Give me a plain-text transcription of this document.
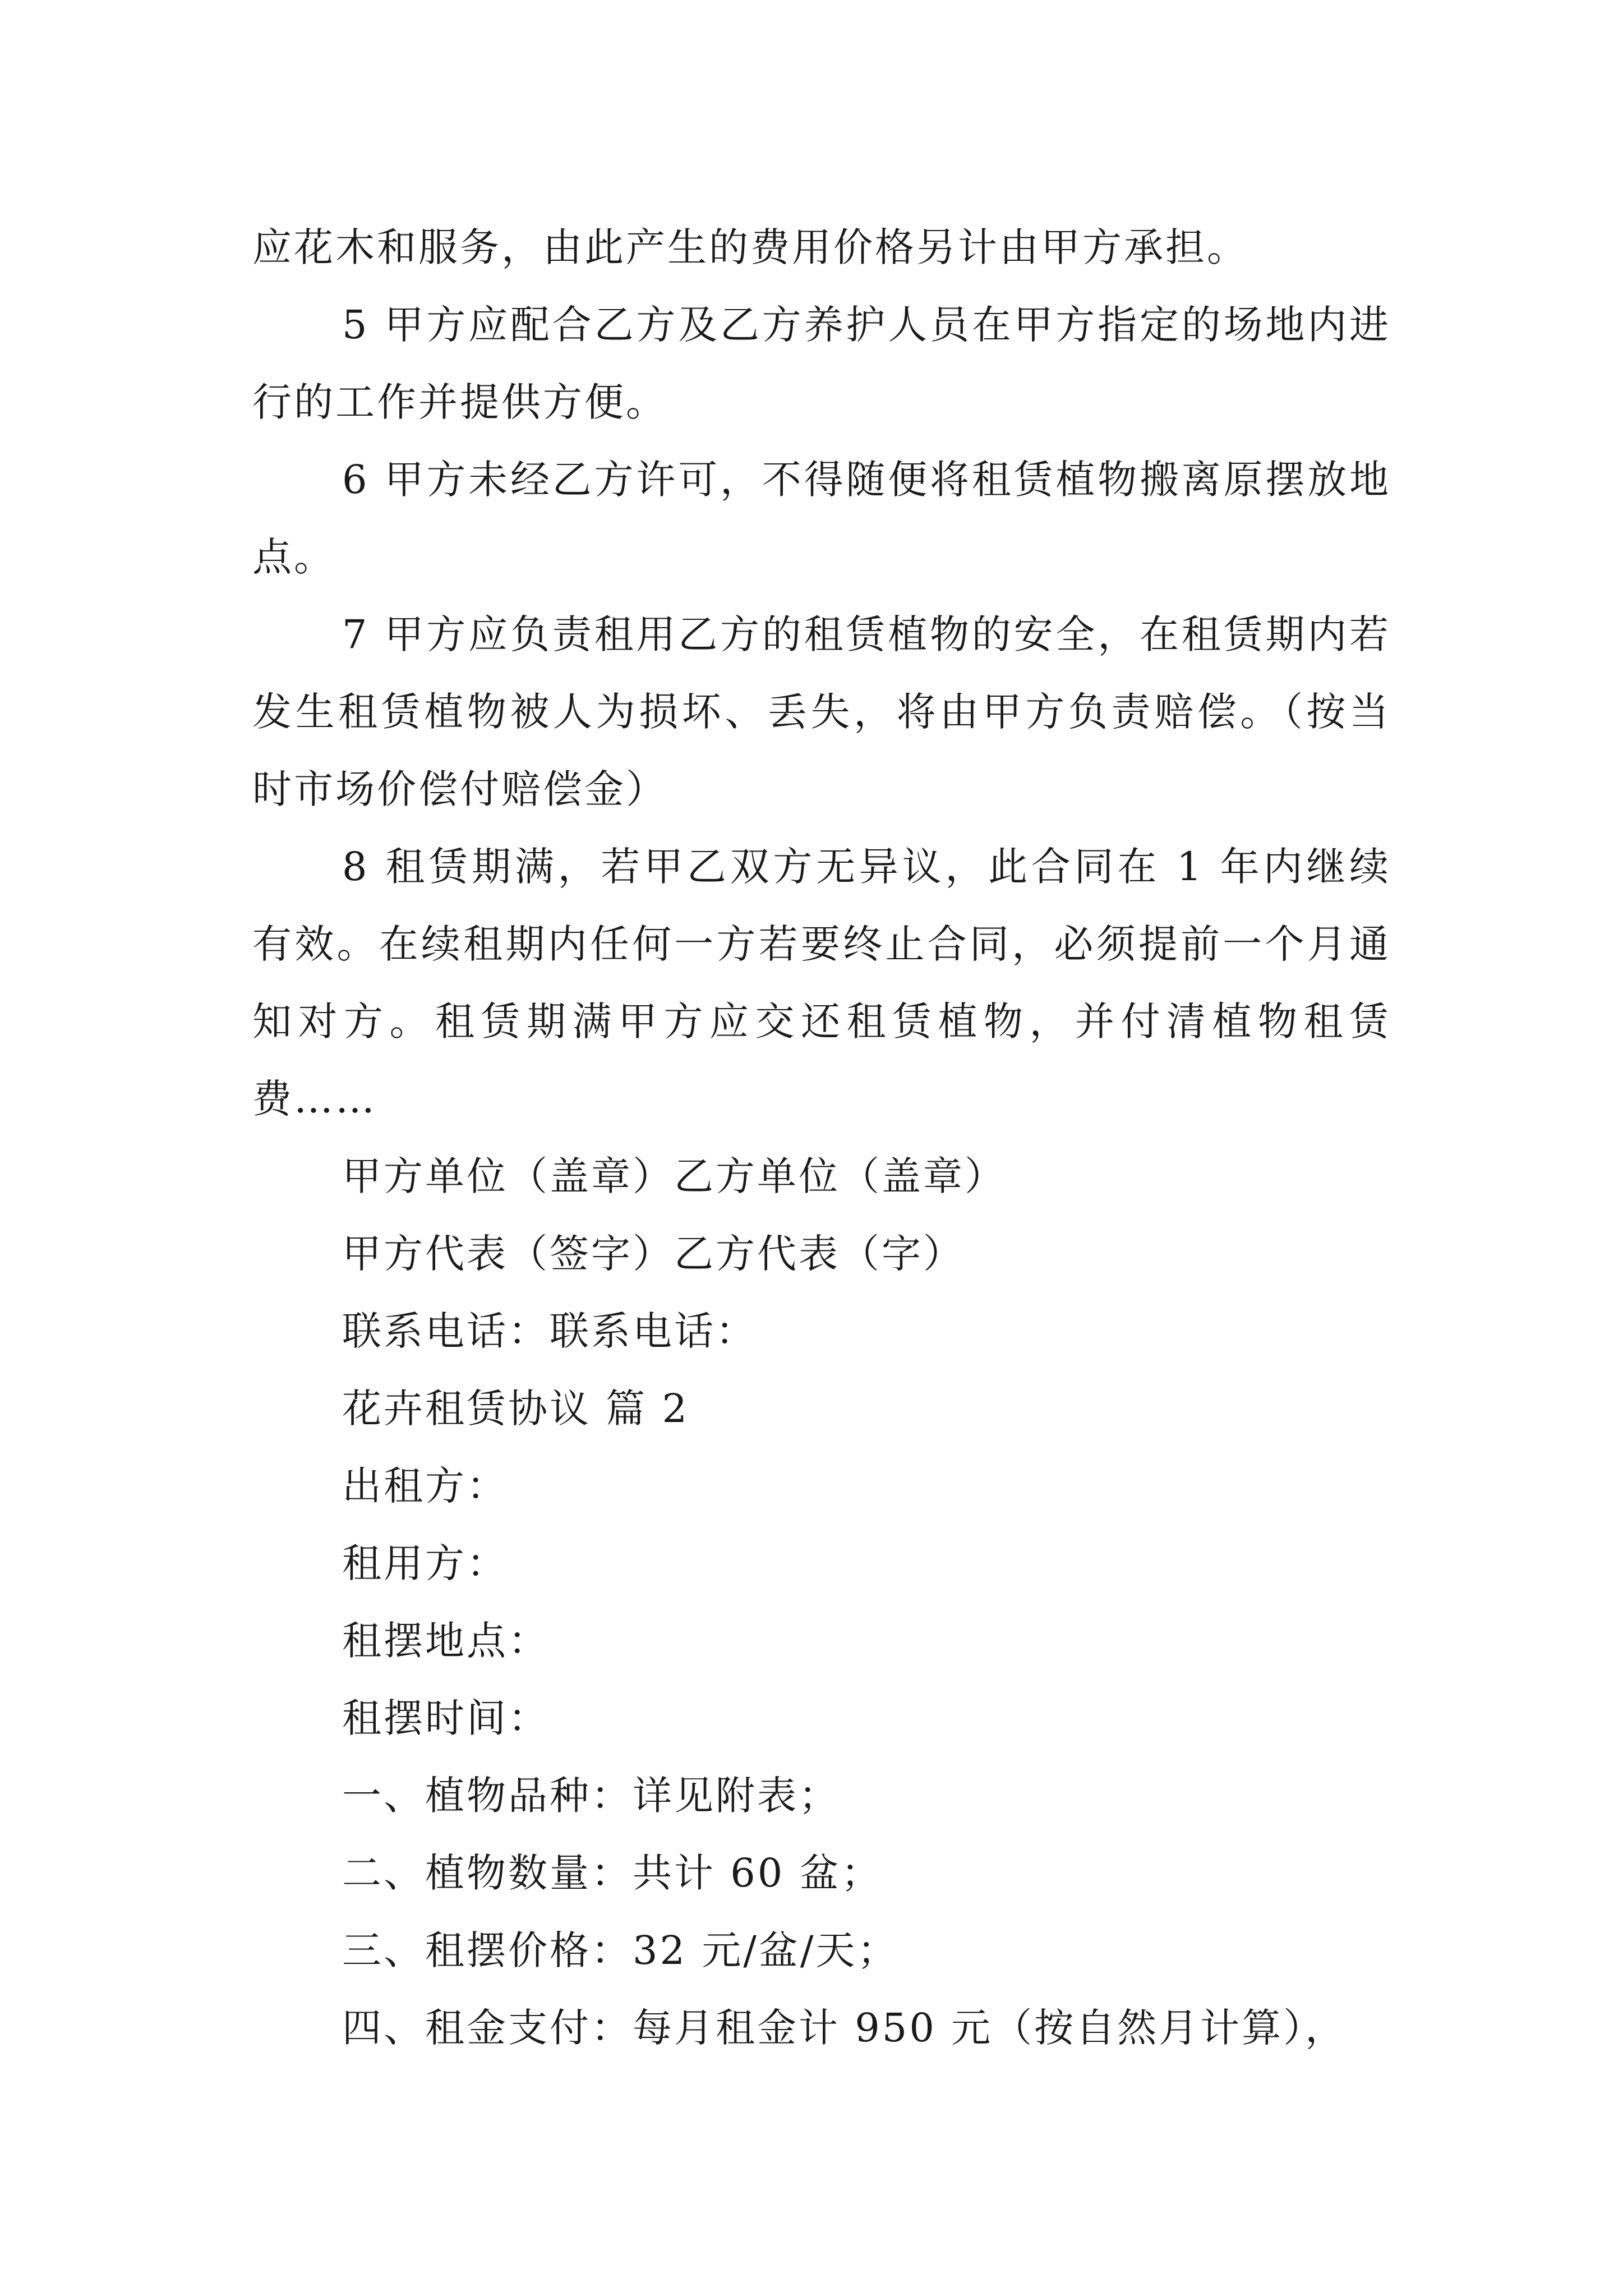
应花木和服务，由此产生的费用价格另计由甲方承担。

5 甲方应配合乙方及乙方养护人员在甲方指定的场地内进行的工作并提供方便。

6 甲方未经乙方许可，不得随便将租赁植物搬离原摆放地点。

7 甲方应负责租用乙方的租赁植物的安全，在租赁期内若发生租赁植物被人为损坏、丢失，将由甲方负责赔偿。（按当时市场价偿付赔偿金）

8 租赁期满，若甲乙双方无异议，此合同在 1 年内继续有效。在续租期内任何一方若要终止合同，必须提前一个月通知对方。租赁期满甲方应交还租赁植物，并付清植物租赁费……

甲方单位（盖章）乙方单位（盖章）

甲方代表（签字）乙方代表（字）

联系电话：联系电话：

花卉租赁协议 篇 2

出租方：

租用方：

租摆地点：

租摆时间：

一、植物品种：详见附表；

二、植物数量：共计 60 盆；

三、租摆价格：32 元/盆/天；

四、租金支付：每月租金计 950 元（按自然月计算），
